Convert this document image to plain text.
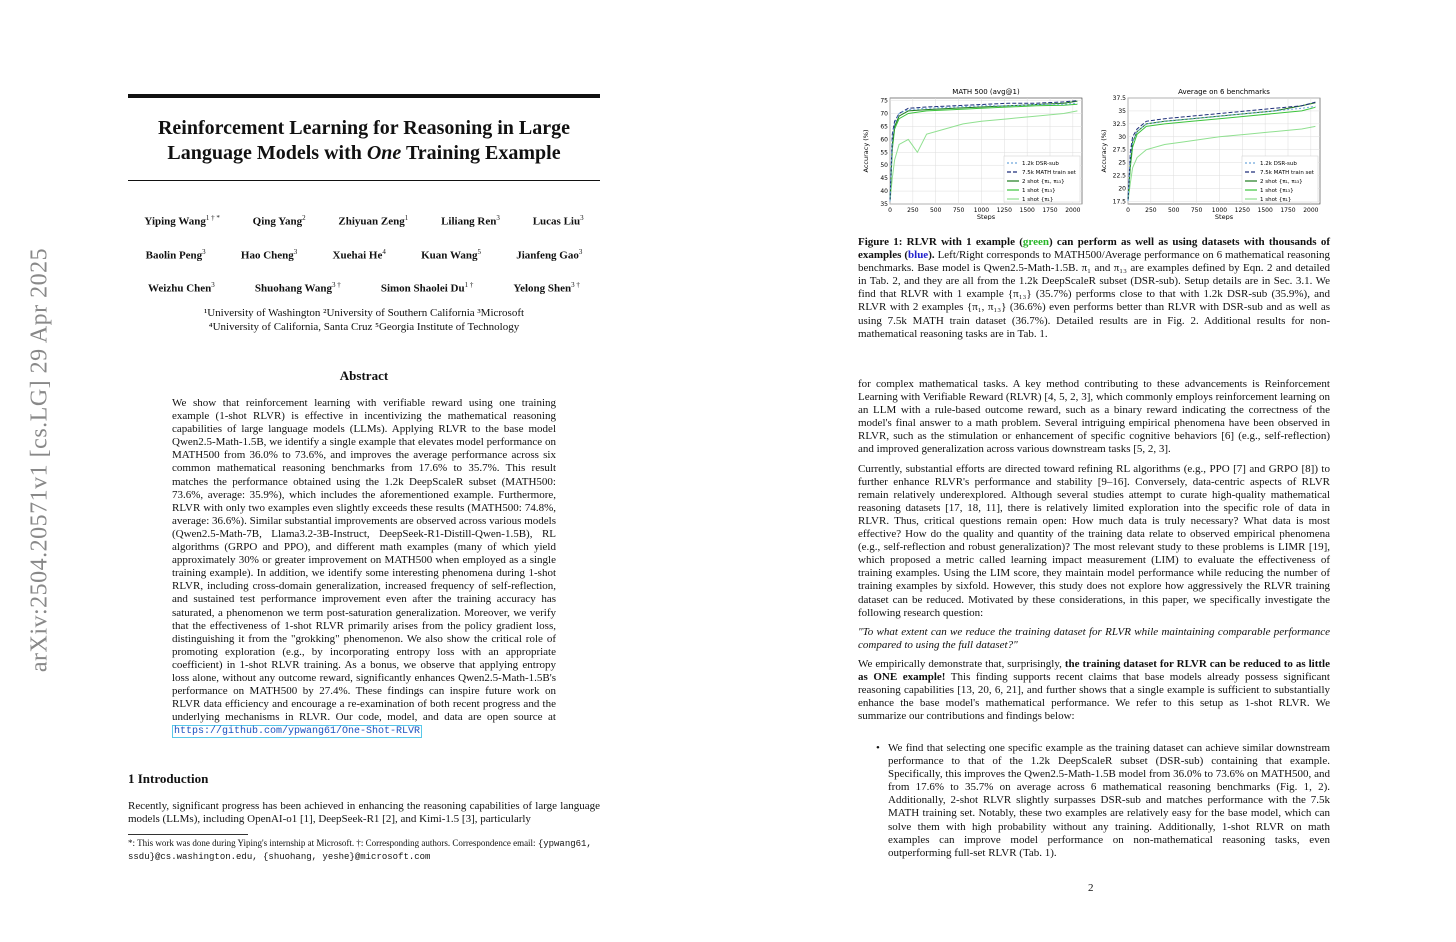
arXiv:2504.20571v1 [cs.LG] 29 Apr 2025
Reinforcement Learning for Reasoning in Large
Language Models with One Training Example
Yiping Wang$^{1 \dagger *}$	Qing Yang$^2$	Zhiyuan Zeng$^1$	Liliang Ren$^3$	Lucas Liu$^3$
Baolin Peng$^3$	Hao Cheng$^3$	Xuehai He$^4$	Kuan Wang$^5$	Jianfeng Gao$^3$
Weizhu Chen$^3$	Shuohang Wang$^{3 \dagger}$	Simon Shaolei $Du^{1 \dagger}$	Yelong Shen$^{3 \dagger}$
¹University of Washington ²University of Southern California ³Microsoft
⁴University of California, Santa Cruz ⁵Georgia Institute of Technology
Abstract
We show that reinforcement learning with verifiable reward using one training example (1-shot RLVR) is effective in incentivizing the mathematical reasoning capabilities of large language models (LLMs). Applying RLVR to the base model Qwen2.5-Math-1.5B, we identify a single example that elevates model performance on MATH500 from 36.0% to 73.6%, and improves the average performance across six common mathematical reasoning benchmarks from 17.6% to 35.7%. This result matches the performance obtained using the 1.2k DeepScaleR subset (MATH500: 73.6%, average: 35.9%), which includes the aforementioned example. Furthermore, RLVR with only two examples even slightly exceeds these results (MATH500: 74.8%, average: 36.6%). Similar substantial improvements are observed across various models (Qwen2.5-Math-7B, Llama3.2-3B-Instruct, DeepSeek-R1-Distill-Qwen-1.5B), RL algorithms (GRPO and PPO), and different math examples (many of which yield approximately 30% or greater improvement on MATH500 when employed as a single training example). In addition, we identify some interesting phenomena during 1-shot RLVR, including cross-domain generalization, increased frequency of self-reflection, and sustained test performance improvement even after the training accuracy has saturated, a phenomenon we term post-saturation generalization. Moreover, we verify that the effectiveness of 1-shot RLVR primarily arises from the policy gradient loss, distinguishing it from the "grokking" phenomenon. We also show the critical role of promoting exploration (e.g., by incorporating entropy loss with an appropriate coefficient) in 1-shot RLVR training. As a bonus, we observe that applying entropy loss alone, without any outcome reward, significantly enhances Qwen2.5-Math-1.5B's performance on MATH500 by 27.4%. These findings can inspire future work on RLVR data efficiency and encourage a re-examination of both recent progress and the underlying mechanisms in RLVR. Our code, model, and data are open source at https://github.com/ypwang61/One-Shot-RLVR
1 Introduction
Recently, significant progress has been achieved in enhancing the reasoning capabilities of large language models (LLMs), including OpenAI-o1 [1], DeepSeek-R1 [2], and Kimi-1.5 [3], particularly
*: This work was done during Yiping's internship at Microsoft. †: Corresponding authors. Correspondence email: {ypwang61, ssdu}@cs.washington.edu, {shuohang, yeshe}@microsoft.com
MATH 500 (avg@1)
0	250 500 750 1000 1250 1500 1750 2000
35
40
45
50
55
60
65
70
75
Steps
Accuracy (%)	1.2k DSR-sub
7.5k MATH train set
2 shot {π₁, π₁₃}
1 shot {π₁₃}
1 shot {π₁}
Average on 6 benchmarks
0	250 500 750 1000 1250 1500 1750 2000
17.5
20
22.5
25
27.5
30
32.5
35
37.5
Steps
Accuracy (%)	1.2k DSR-sub
7.5k MATH train set
2 shot {π₁, π₁₃}
1 shot {π₁₃}
1 shot {π₁}
Figure 1: RLVR with 1 example (green) can perform as well as using datasets with thousands of examples (blue). Left/Right corresponds to MATH500/Average performance on 6 mathematical reasoning benchmarks. Base model is Qwen2.5-Math-1.5B. π₁ and π₁₃ are examples defined by Eqn. 2 and detailed in Tab. 2, and they are all from the 1.2k DeepScaleR subset (DSR-sub). Setup details are in Sec. 3.1. We find that RLVR with 1 example {π₁₃} (35.7%) performs close to that with 1.2k DSR-sub (35.9%), and RLVR with 2 examples {π₁, π₁₃} (36.6%) even performs better than RLVR with DSR-sub and as well as using 7.5k MATH train dataset (36.7%). Detailed results are in Fig. 2. Additional results for non-mathematical reasoning tasks are in Tab. 1.

for complex mathematical tasks. A key method contributing to these advancements is Reinforcement Learning with Verifiable Reward (RLVR) [4, 5, 2, 3], which commonly employs reinforcement learning on an LLM with a rule-based outcome reward, such as a binary reward indicating the correctness of the model's final answer to a math problem. Several intriguing empirical phenomena have been observed in RLVR, such as the stimulation or enhancement of specific cognitive behaviors [6] (e.g., self-reflection) and improved generalization across various downstream tasks [5, 2, 3].

Currently, substantial efforts are directed toward refining RL algorithms (e.g., PPO [7] and GRPO [8]) to further enhance RLVR's performance and stability [9–16]. Conversely, data-centric aspects of RLVR remain relatively underexplored. Although several studies attempt to curate high-quality mathematical reasoning datasets [17, 18, 11], there is relatively limited exploration into the specific role of data in RLVR. Thus, critical questions remain open: How much data is truly necessary? What data is most effective? How do the quality and quantity of the training data relate to observed empirical phenomena (e.g., self-reflection and robust generalization)? The most relevant study to these problems is LIMR [19], which proposed a metric called learning impact measurement (LIM) to evaluate the effectiveness of training examples. Using the LIM score, they maintain model performance while reducing the number of training examples by sixfold. However, this study does not explore how aggressively the RLVR training dataset can be reduced. Motivated by these considerations, in this paper, we specifically investigate the following research question:

"To what extent can we reduce the training dataset for RLVR while maintaining comparable performance compared to using the full dataset?"

We empirically demonstrate that, surprisingly, the training dataset for RLVR can be reduced to as little as ONE example! This finding supports recent claims that base models already possess significant reasoning capabilities [13, 20, 6, 21], and further shows that a single example is sufficient to substantially enhance the base model's mathematical performance. We refer to this setup as 1-shot RLVR. We summarize our contributions and findings below:

• We find that selecting one specific example as the training dataset can achieve similar downstream performance to that of the 1.2k DeepScaleR subset (DSR-sub) containing that example. Specifically, this improves the Qwen2.5-Math-1.5B model from 36.0% to 73.6% on MATH500, and from 17.6% to 35.7% on average across 6 mathematical reasoning benchmarks (Fig. 1, 2). Additionally, 2-shot RLVR slightly surpasses DSR-sub and matches performance with the 7.5k MATH training set. Notably, these two examples are relatively easy for the base model, which can solve them with high probability without any training. Additionally, 1-shot RLVR on math examples can improve model performance on non-mathematical reasoning tasks, even outperforming full-set RLVR (Tab. 1).
2
